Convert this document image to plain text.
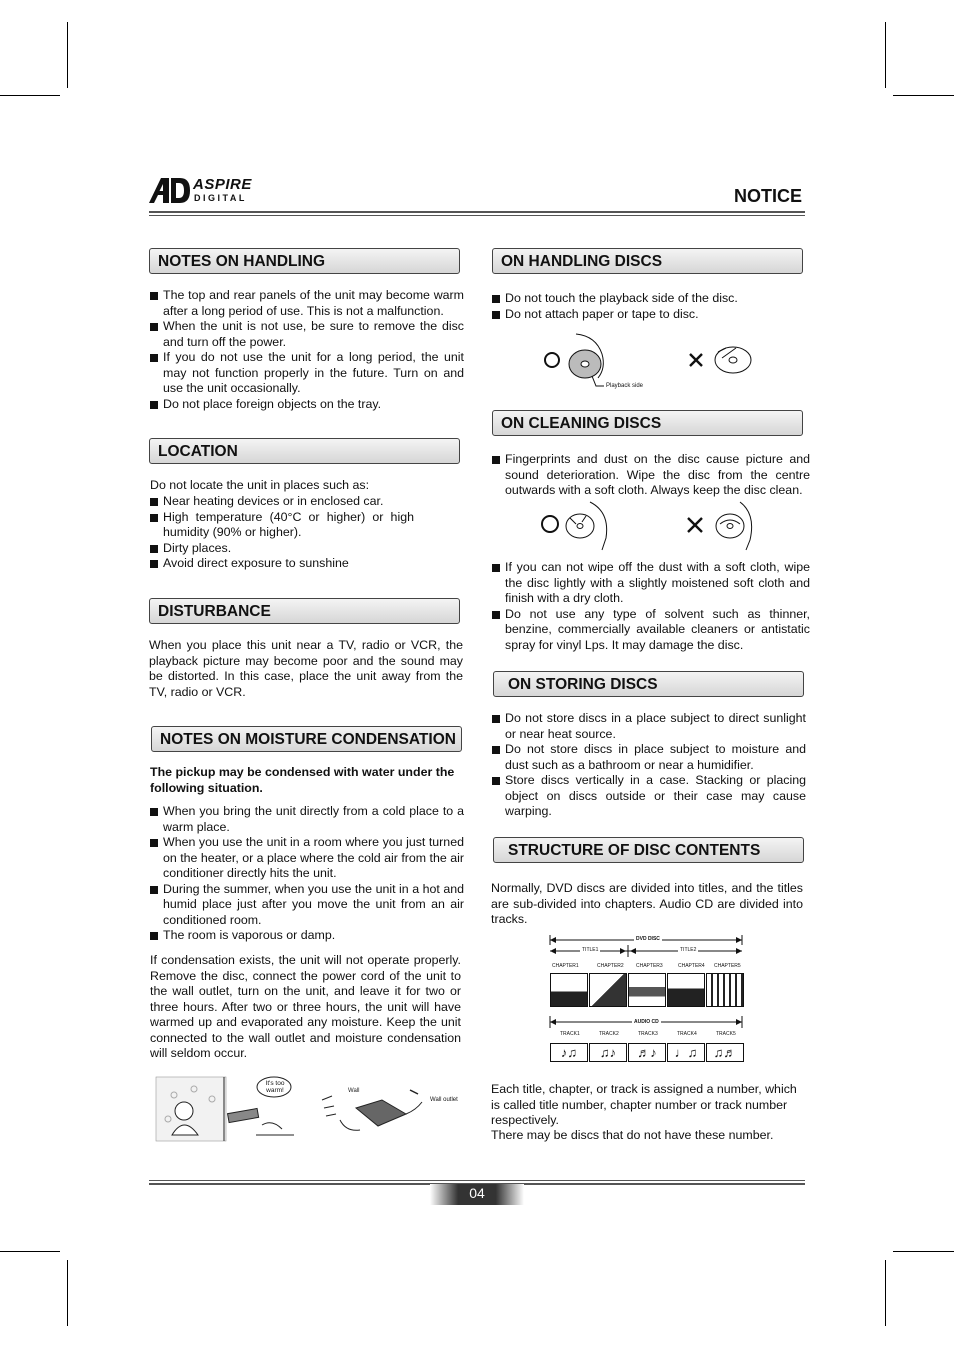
ASPIRE
DIGITAL	NOTICE
NOTES ON HANDLING
The top and rear panels of the unit may become warm after a long period of use. This is not a malfunction.
When the unit is not use, be sure to remove the disc and turn off the power.
If you do not use the unit for a long period, the unit may not function properly in the future. Turn on and use the unit occasionally.
Do not place foreign objects on the tray.
LOCATION

Do not locate the unit in places such as:

Near heating devices or in enclosed car.
High temperature (40°C or higher) or high humidity (90% or higher).
Dirty places.
Avoid direct exposure to sunshine
DISTURBANCE

When you place this unit near a TV, radio or VCR, the playback picture may become poor and the sound may be distorted. In this case, place the unit away from the TV, radio or VCR.

NOTES ON MOISTURE CONDENSATION

The pickup may be condensed with water under the following situation.

When you bring the unit directly from a cold place to a warm place.
When you use the unit in a room where you just turned on the heater, or a place where the cold air from the air conditioner directly hits the unit.
During the summer, when you use the unit in a hot and humid place just after you move the unit from an air conditioned room.
The room is vaporous or damp.

If condensation exists, the unit will not operate properly. Remove the disc, connect the power cord of the unit to the wall outlet, turn on the unit, and leave it for two or three hours. After two or three hours, the unit will have warmed up and evaporated any moisture. Keep the unit connected to the wall outlet and moisture condensation will seldom occur.

It's too warm!	Wall
Wall outlet
ON HANDLING DISCS
Do not touch the playback side of the disc.
Do not attach paper or tape to disc.
Playback side
ON CLEANING DISCS
Fingerprints and dust on the disc cause picture and sound deterioration. Wipe the disc from the centre outwards with a soft cloth. Always keep the disc clean.
If you can not wipe off the dust with a soft cloth, wipe the disc lightly with a slightly moistened soft cloth and finish with a dry cloth.
Do not use any type of solvent such as thinner, benzine, commercially available cleaners or antistatic spray for vinyl Lps. It may damage the disc.
ON STORING DISCS
Do not store discs in a place subject to direct sunlight or near heat source.
Do not store discs in place subject to moisture and dust such as a bathroom or near a humidifier.
Store discs vertically in a case. Stacking or placing object on discs outside or their case may cause warping.
STRUCTURE OF DISC CONTENTS

Normally, DVD discs are divided into titles, and the titles are sub-divided into chapters. Audio CD are divided into tracks.

DVD DISC
TITLE1	TITLE2
CHAPTER1	CHAPTER2 CHAPTER3	CHAPTER4 CHAPTER5
AUDIO CD
TRACK1	TRACK2	TRACK3	TRACK4	TRACK5
♪♫	♫♪	♬♪	♩♫	♫♬

Each title, chapter, or track is assigned a number, which is called title number, chapter number or track number respectively.

There may be discs that do not have these number.

04
